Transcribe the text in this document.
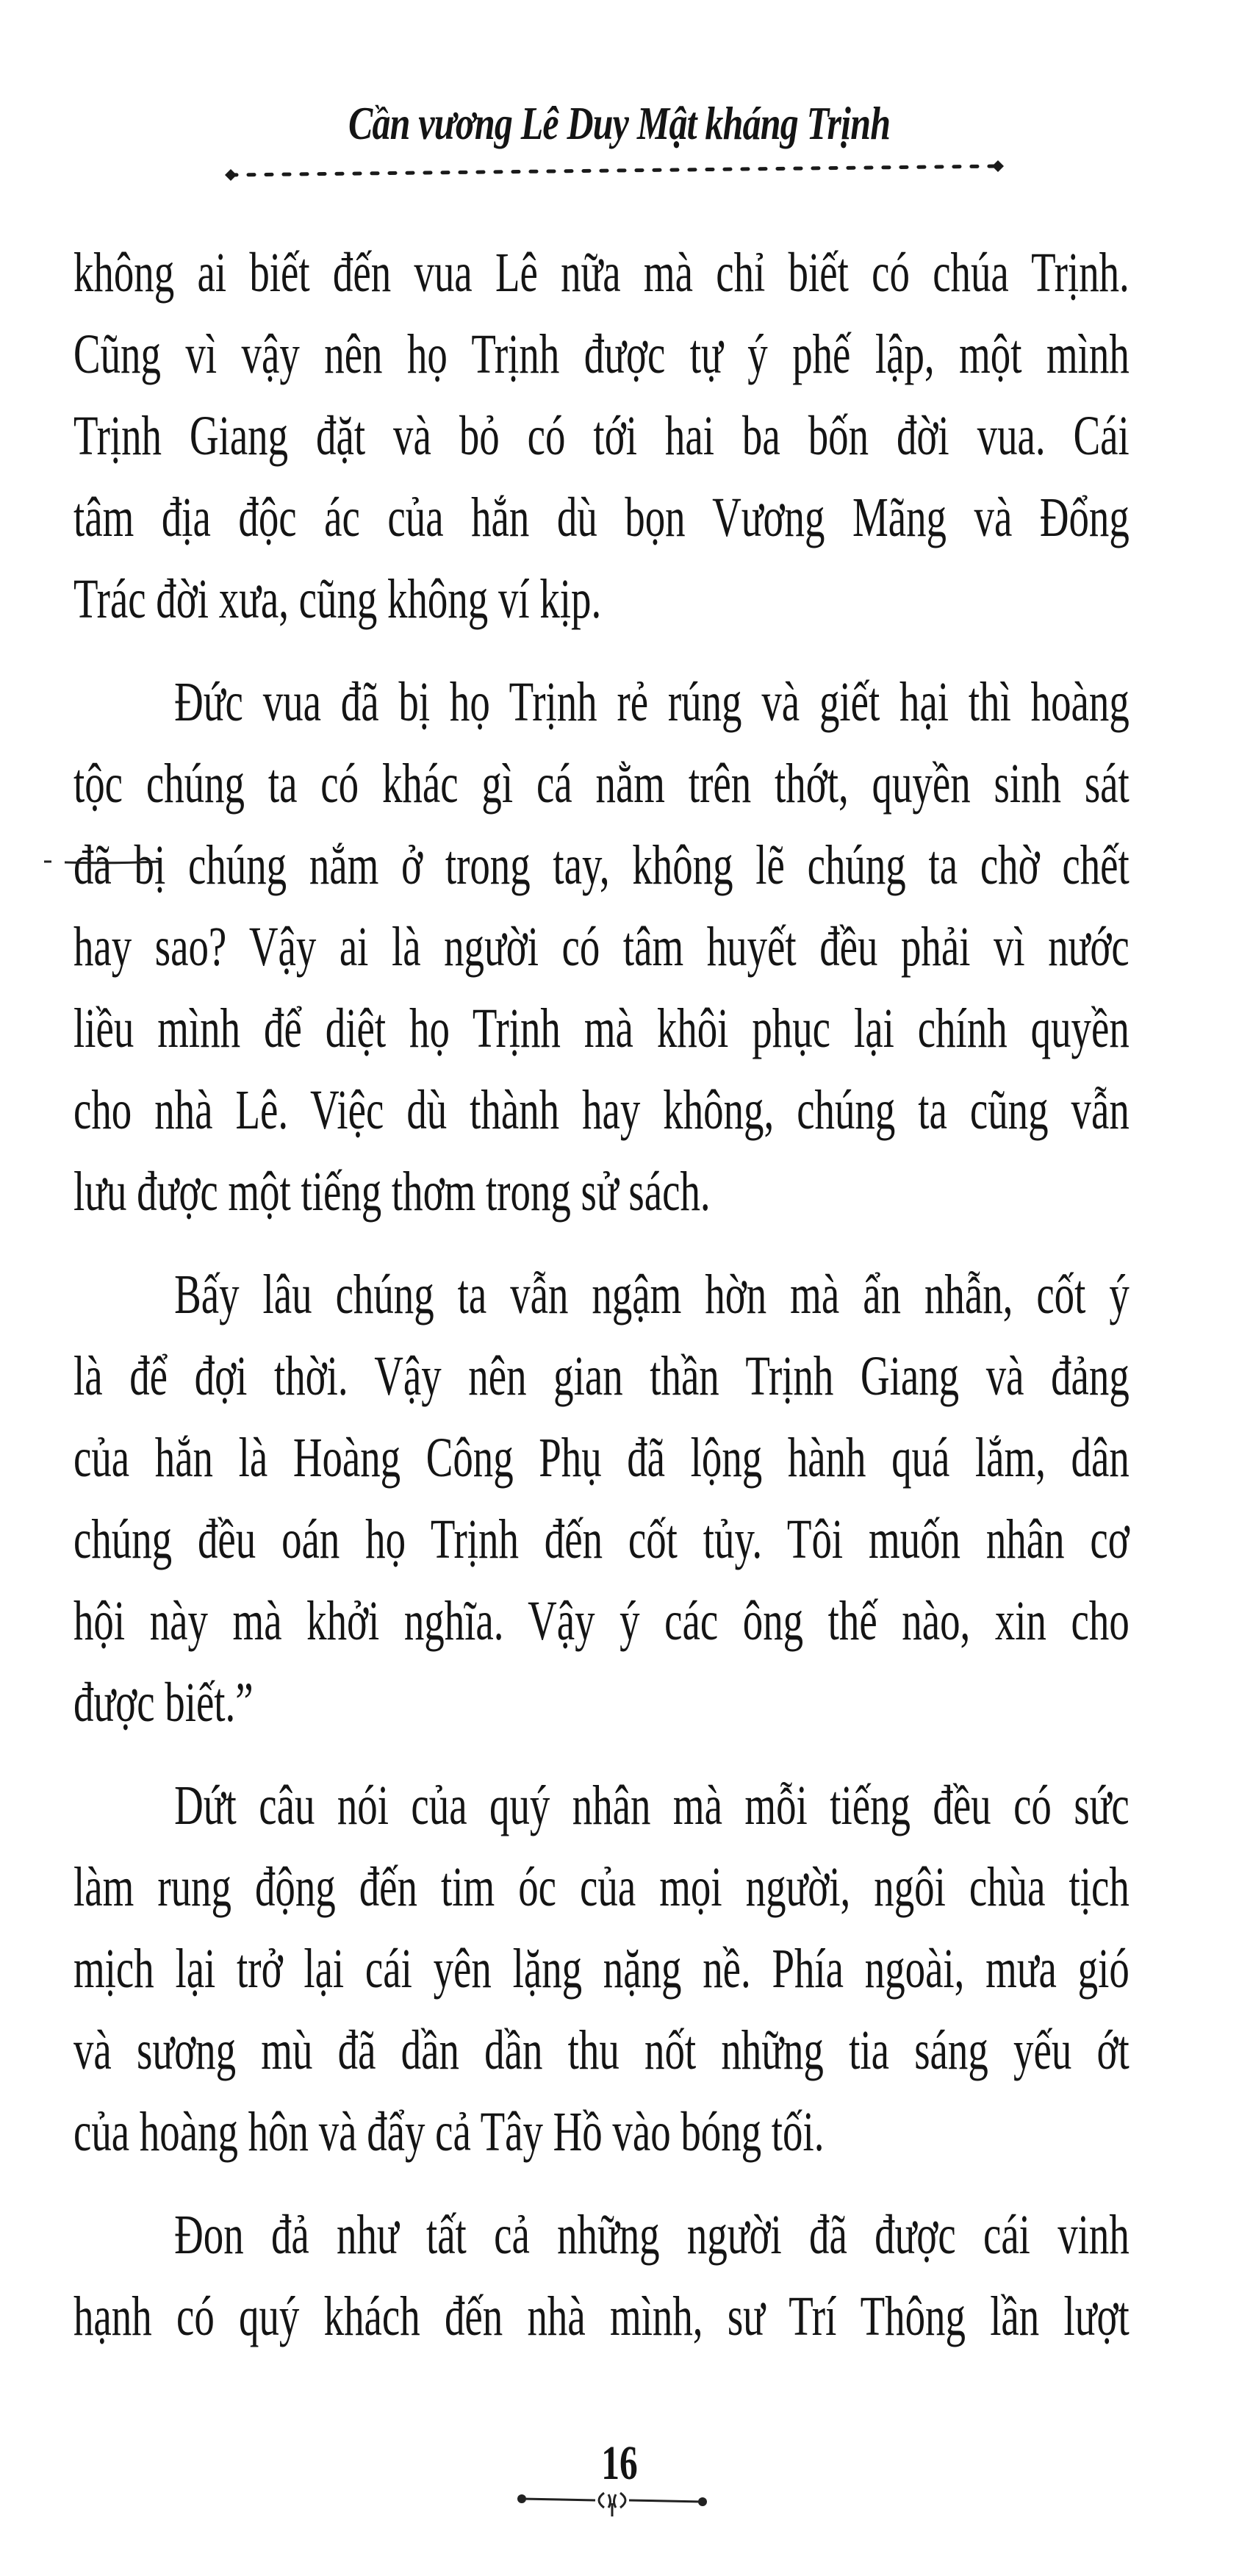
Cần vương Lê Duy Mật kháng Trịnh
không ai biết đến vua Lê nữa mà chỉ biết có chúa Trịnh.
Cũng vì vậy nên họ Trịnh được tự ý phế lập, một mình
Trịnh Giang đặt và bỏ có tới hai ba bốn đời vua. Cái
tâm địa độc ác của hắn dù bọn Vương Mãng và Đổng
Trác đời xưa, cũng không ví kịp.
Đức vua đã bị họ Trịnh rẻ rúng và giết hại thì hoàng
tộc chúng ta có khác gì cá nằm trên thớt, quyền sinh sát
đã bị chúng nắm ở trong tay, không lẽ chúng ta chờ chết
hay sao? Vậy ai là người có tâm huyết đều phải vì nước
liều mình để diệt họ Trịnh mà khôi phục lại chính quyền
cho nhà Lê. Việc dù thành hay không, chúng ta cũng vẫn
lưu được một tiếng thơm trong sử sách.
Bấy lâu chúng ta vẫn ngậm hờn mà ẩn nhẫn, cốt ý
là để đợi thời. Vậy nên gian thần Trịnh Giang và đảng
của hắn là Hoàng Công Phụ đã lộng hành quá lắm, dân
chúng đều oán họ Trịnh đến cốt tủy. Tôi muốn nhân cơ
hội này mà khởi nghĩa. Vậy ý các ông thế nào, xin cho
được biết.”
Dứt câu nói của quý nhân mà mỗi tiếng đều có sức
làm rung động đến tim óc của mọi người, ngôi chùa tịch
mịch lại trở lại cái yên lặng nặng nề. Phía ngoài, mưa gió
và sương mù đã dần dần thu nốt những tia sáng yếu ớt
của hoàng hôn và đẩy cả Tây Hồ vào bóng tối.
Đon đả như tất cả những người đã được cái vinh
hạnh có quý khách đến nhà mình, sư Trí Thông lần lượt
16
